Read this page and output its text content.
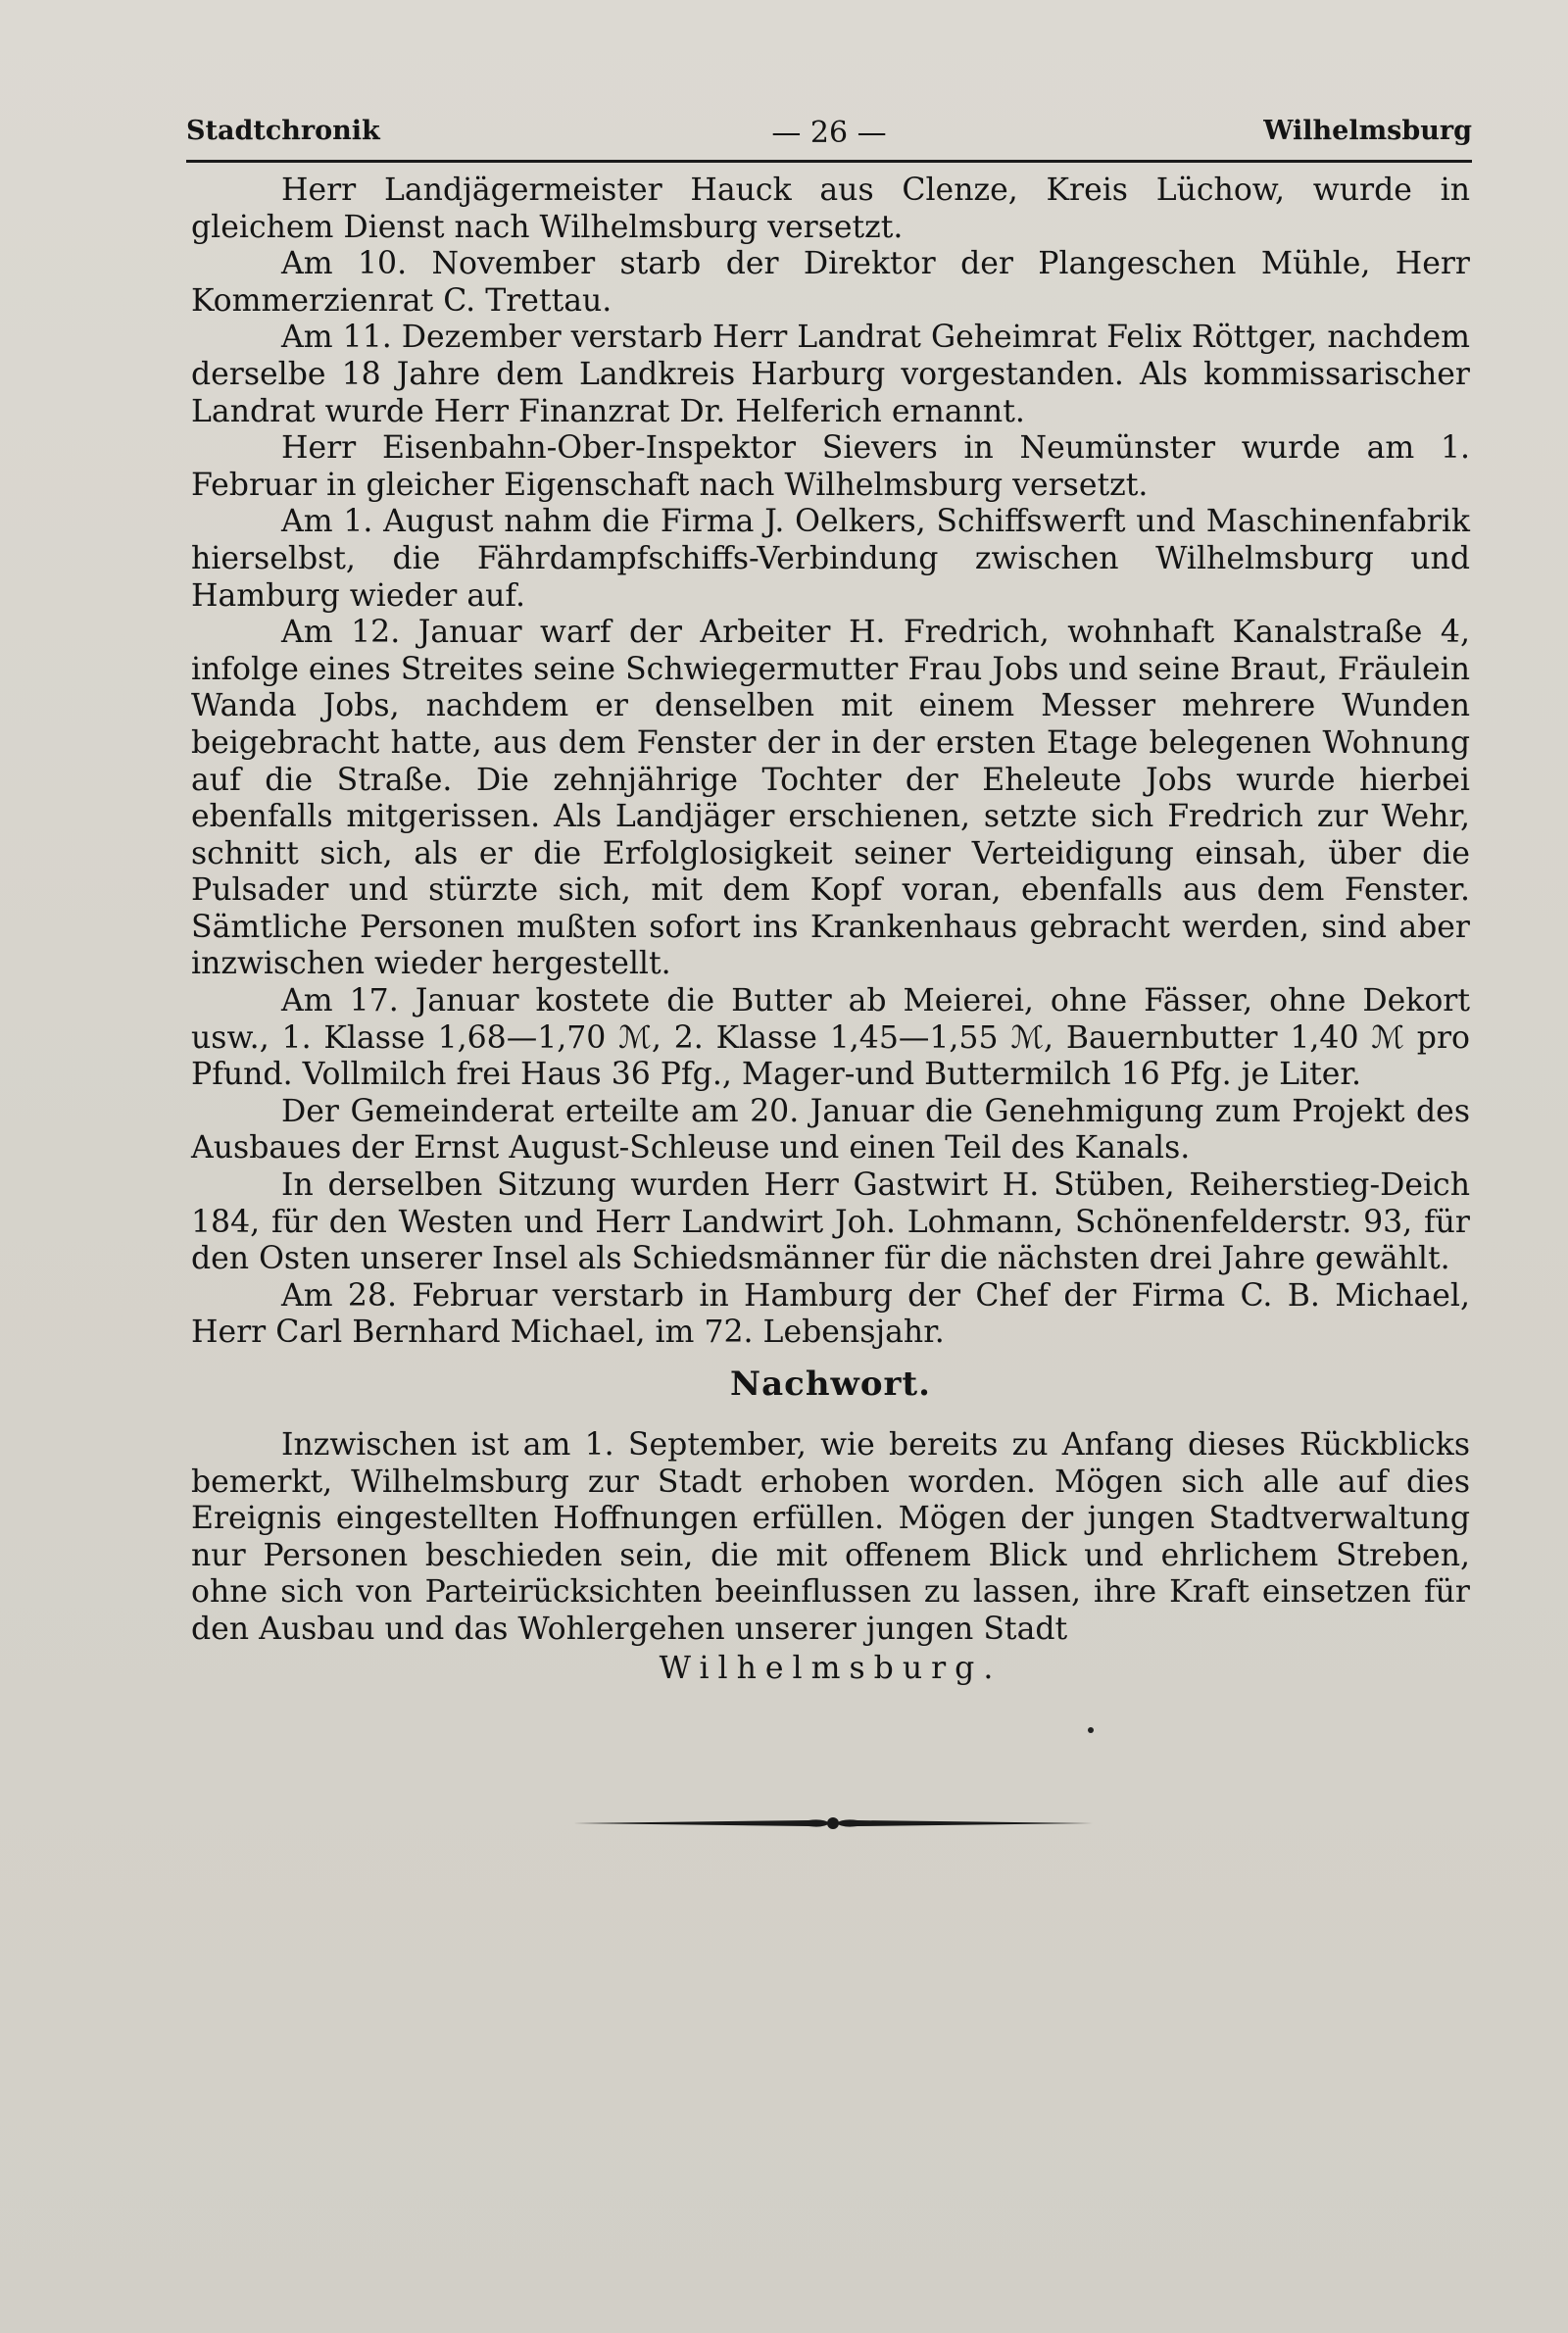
Stadtchronik	— 26 —	Wilhelmsburg

Herr Landjägermeister Hauck aus Clenze, Kreis Lüchow, wurde in gleichem Dienst nach Wilhelmsburg versetzt.

Am 10. November starb der Direktor der Plangeschen Mühle, Herr Kommerzienrat C. Trettau.

Am 11. Dezember verstarb Herr Landrat Geheimrat Felix Röttger, nachdem derselbe 18 Jahre dem Landkreis Harburg vorgestanden. Als kommissarischer Landrat wurde Herr Finanzrat Dr. Helferich ernannt.

Herr Eisenbahn-Ober-Inspektor Sievers in Neumünster wurde am 1. Februar in gleicher Eigenschaft nach Wilhelmsburg versetzt.

Am 1. August nahm die Firma J. Oelkers, Schiffswerft und Maschinenfabrik hierselbst, die Fährdampfschiffs-Verbindung zwischen Wilhelmsburg und Hamburg wieder auf.

Am 12. Januar warf der Arbeiter H. Fredrich, wohnhaft Kanalstraße 4, infolge eines Streites seine Schwiegermutter Frau Jobs und seine Braut, Fräulein Wanda Jobs, nachdem er denselben mit einem Messer mehrere Wunden beigebracht hatte, aus dem Fenster der in der ersten Etage belegenen Wohnung auf die Straße. Die zehnjährige Tochter der Eheleute Jobs wurde hierbei ebenfalls mitgerissen. Als Landjäger erschienen, setzte sich Fredrich zur Wehr, schnitt sich, als er die Erfolglosigkeit seiner Verteidigung einsah, über die Pulsader und stürzte sich, mit dem Kopf voran, ebenfalls aus dem Fenster. Sämtliche Personen mußten sofort ins Krankenhaus gebracht werden, sind aber inzwischen wieder hergestellt.

Am 17. Januar kostete die Butter ab Meierei, ohne Fässer, ohne Dekort usw., 1. Klasse 1,68—1,70 ℳ, 2. Klasse 1,45—1,55 ℳ, Bauernbutter 1,40 ℳ pro Pfund. Vollmilch frei Haus 36 Pfg., Mager-und Buttermilch 16 Pfg. je Liter.

Der Gemeinderat erteilte am 20. Januar die Genehmigung zum Projekt des Ausbaues der Ernst August-Schleuse und einen Teil des Kanals.

In derselben Sitzung wurden Herr Gastwirt H. Stüben, Reiherstieg-Deich 184, für den Westen und Herr Landwirt Joh. Lohmann, Schönenfelderstr. 93, für den Osten unserer Insel als Schiedsmänner für die nächsten drei Jahre gewählt.

Am 28. Februar verstarb in Hamburg der Chef der Firma C. B. Michael, Herr Carl Bernhard Michael, im 72. Lebensjahr.

Nachwort.

Inzwischen ist am 1. September, wie bereits zu Anfang dieses Rückblicks bemerkt, Wilhelmsburg zur Stadt erhoben worden. Mögen sich alle auf dies Ereignis eingestellten Hoffnungen erfüllen. Mögen der jungen Stadtverwaltung nur Personen beschieden sein, die mit offenem Blick und ehrlichem Streben, ohne sich von Parteirücksichten beeinflussen zu lassen, ihre Kraft einsetzen für den Ausbau und das Wohlergehen unserer jungen Stadt

Wilhelmsburg.
